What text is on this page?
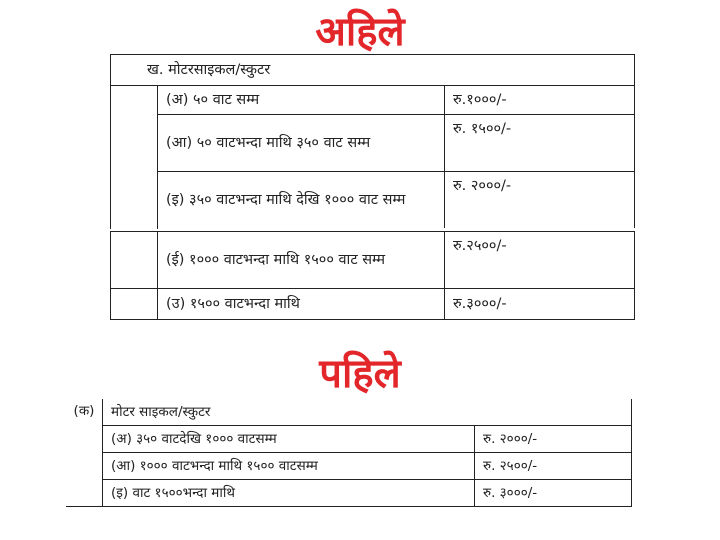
अहिले
ख. मोटरसाइकल/स्कुटर		
	(अ) ५० वाट सम्म	रु.१०००/-
	(आ) ५० वाटभन्दा माथि ३५० वाट सम्म	रु. १५००/-
	(इ) ३५० वाटभन्दा माथि देखि १००० वाट सम्म	रु. २०००/-
	(ई) १००० वाटभन्दा माथि १५०० वाट सम्म	रु.२५००/-
	(उ) १५०० वाटभन्दा माथि	रु.३०००/-
पहिले
(क)	मोटर साइकल/स्कुटर	
	(अ) ३५० वाटदेखि १००० वाटसम्म	रु. २०००/-
	(आ) १००० वाटभन्दा माथि १५०० वाटसम्म	रु. २५००/-
	(इ) वाट १५००भन्दा माथि	रु. ३०००/-
